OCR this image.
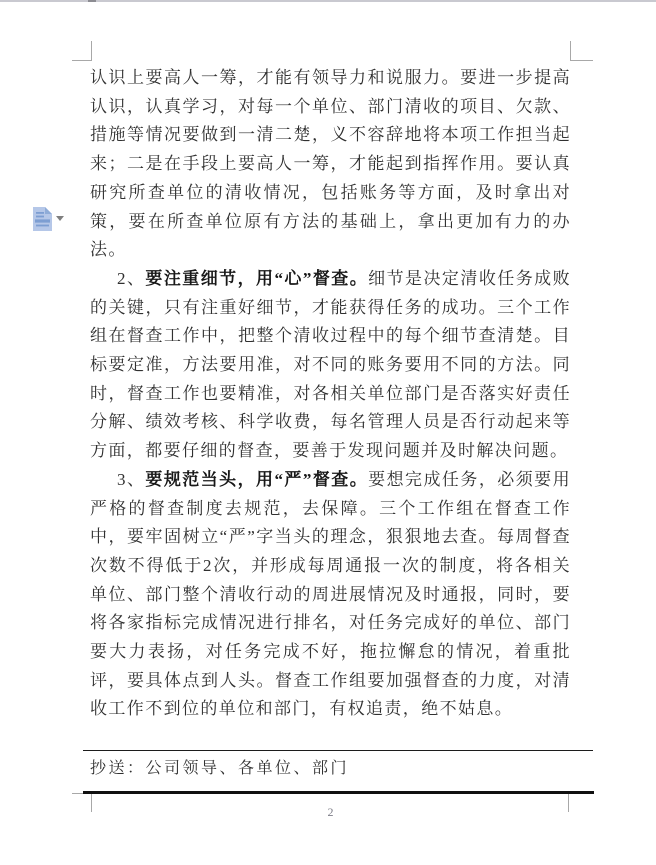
认识上要高人一筹，才能有领导力和说服力。要进一步提高认识，认真学习，对每一个单位、部门清收的项目、欠款、措施等情况要做到一清二楚，义不容辞地将本项工作担当起来；二是在手段上要高人一筹，才能起到指挥作用。要认真研究所查单位的清收情况，包括账务等方面，及时拿出对策，要在所查单位原有方法的基础上，拿出更加有力的办法。

2、要注重细节，用“心”督查。细节是决定清收任务成败的关键，只有注重好细节，才能获得任务的成功。三个工作组在督查工作中，把整个清收过程中的每个细节查清楚。目标要定准，方法要用准，对不同的账务要用不同的方法。同时，督查工作也要精准，对各相关单位部门是否落实好责任分解、绩效考核、科学收费，每名管理人员是否行动起来等方面，都要仔细的督查，要善于发现问题并及时解决问题。

3、要规范当头，用“严”督查。要想完成任务，必须要用严格的督查制度去规范，去保障。三个工作组在督查工作中，要牢固树立“严”字当头的理念，狠狠地去查。每周督查次数不得低于2次，并形成每周通报一次的制度，将各相关单位、部门整个清收行动的周进展情况及时通报，同时，要将各家指标完成情况进行排名，对任务完成好的单位、部门要大力表扬，对任务完成不好，拖拉懈怠的情况，着重批评，要具体点到人头。督查工作组要加强督查的力度，对清收工作不到位的单位和部门，有权追责，绝不姑息。

抄送：公司领导、各单位、部门
2
